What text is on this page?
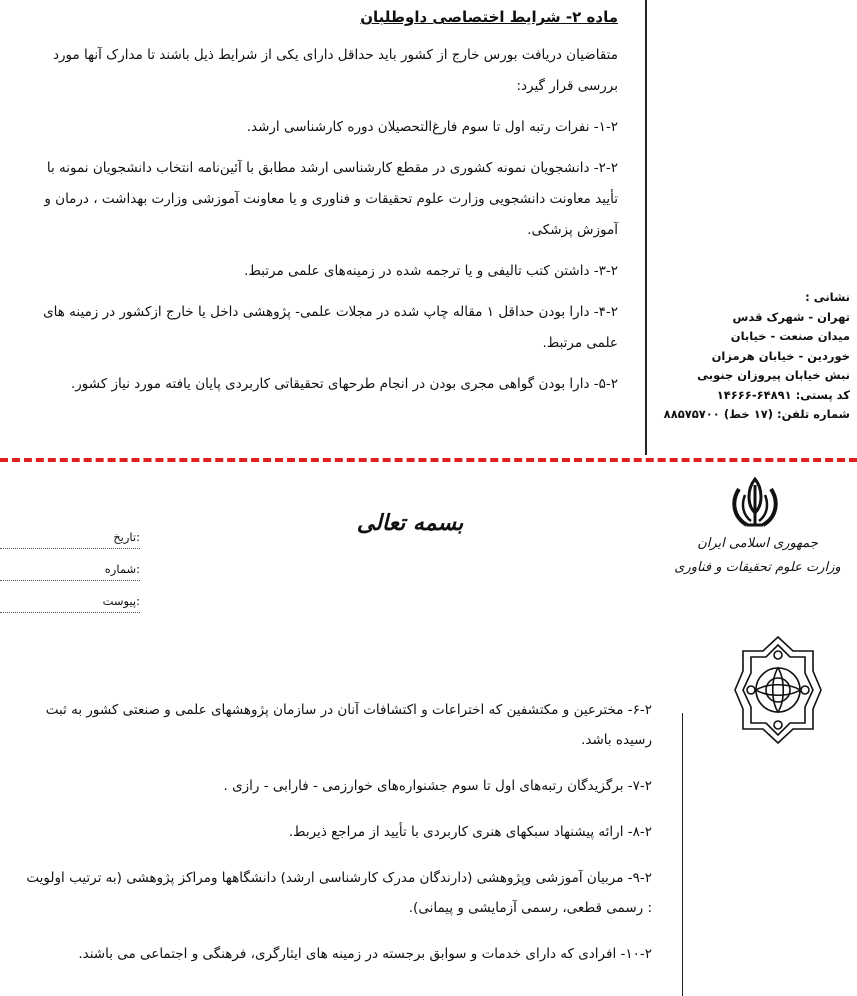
ماده ۲- شرایط اختصاصی داوطلبان

متقاضیان دریافت بورس خارج از کشور باید حداقل دارای یکی از شرایط ذیل باشند تا مدارک آنها مورد بررسی قرار گیرد:

۱-۲- نفرات رتبه اول تا سوم فارغ‌التحصیلان دوره کارشناسی ارشد.

۲-۲- دانشجویان نمونه کشوری در مقطع کارشناسی ارشد مطابق با آئین‌نامه انتخاب دانشجویان نمونه با تأیید معاونت دانشجویی وزارت علوم تحقیقات و فناوری و یا معاونت آموزشی وزارت بهداشت ، درمان و آموزش پزشکی.

۳-۲- داشتن کتب تالیفی و یا ترجمه شده در زمینه‌های علمی مرتبط.

۴-۲- دارا بودن حداقل ۱ مقاله چاپ شده در مجلات علمی- پژوهشی داخل یا خارج ازکشور در زمینه های علمی مرتبط.

۵-۲- دارا بودن گواهی مجری بودن در انجام طرحهای تحقیقاتی کاربردی پایان یافته مورد نیاز کشور.

نشانی :
تهران - شهرک قدس
میدان صنعت - خیابان
خوردین - خیابان هرمزان
نبش خیابان پیروزان جنوبی
کد پستی: ۶۴۸۹۱-۱۴۶۶۶
شماره تلفن: (۱۷ خط) ۸۸۵۷۵۷۰۰
بسمه تعالی
جمهوری اسلامی ایران
وزارت علوم تحقیقات و فناوری
تاریخ:
شماره:
پیوست:

۶-۲- مخترعین و مکتشفین که اختراعات و اکتشافات آنان در سازمان پژوهشهای علمی و صنعتی کشور به ثبت رسیده باشد.

۷-۲- برگزیدگان رتبه‌های اول تا سوم جشنواره‌های خوارزمی - فارابی - رازی .

۸-۲- ارائه پیشنهاد سبکهای هنری کاربردی با تأیید از مراجع ذیربط.

۹-۲- مربیان آموزشی وپژوهشی (دارندگان مدرک کارشناسی ارشد) دانشگاهها ومراکز پژوهشی (به ترتیب اولویت : رسمی قطعی، رسمی آزمایشی و پیمانی).

۱۰-۲- افرادی که دارای خدمات و سوابق برجسته در زمینه های ایثارگری، فرهنگی و اجتماعی می باشند.
